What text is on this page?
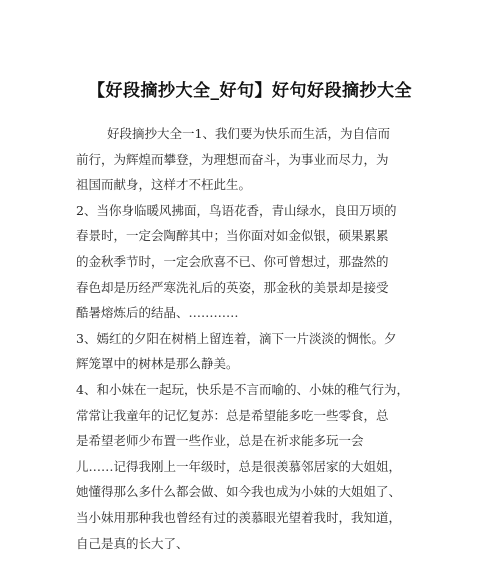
【好段摘抄大全_好句】好句好段摘抄大全
好段摘抄大全一1、我们要为快乐而生活，为自信而
前行，为辉煌而攀登，为理想而奋斗，为事业而尽力，为
祖国而献身，这样才不枉此生。
2、当你身临暖风拂面，鸟语花香，青山绿水，良田万顷的
春景时，一定会陶醉其中；当你面对如金似银，硕果累累
的金秋季节时，一定会欣喜不已、你可曾想过，那盎然的
春色却是历经严寒洗礼后的英姿，那金秋的美景却是接受
酷暑熔炼后的结晶、…………
3、嫣红的夕阳在树梢上留连着，滴下一片淡淡的惆怅。夕
辉笼罩中的树林是那么静美。
4、和小妹在一起玩，快乐是不言而喻的、小妹的稚气行为，
常常让我童年的记忆复苏：总是希望能多吃一些零食，总
是希望老师少布置一些作业，总是在祈求能多玩一会
儿……记得我刚上一年级时，总是很羡慕邻居家的大姐姐，
她懂得那么多什么都会做、如今我也成为小妹的大姐姐了、
当小妹用那种我也曾经有过的羡慕眼光望着我时，我知道，
自己是真的长大了、
